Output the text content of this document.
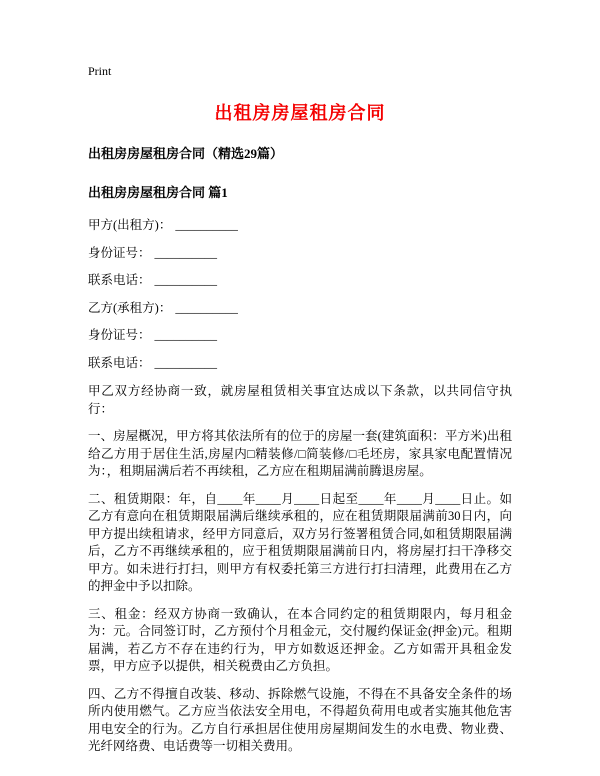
Print
出租房房屋租房合同
出租房房屋租房合同（精选29篇）
出租房房屋租房合同 篇1
甲方(出租方)： __________
身份证号： __________
联系电话： __________
乙方(承租方)： __________
身份证号： __________
联系电话： __________

甲乙双方经协商一致，就房屋租赁相关事宜达成以下条款，以共同信守执行：

一、房屋概况，甲方将其依法所有的位于的房屋一套(建筑面积：平方米)出租给乙方用于居住生活,房屋内□精装修/□简装修/□毛坯房，家具家电配置情况为：，租期届满后若不再续租，乙方应在租期届满前腾退房屋。

二、租赁期限：年，自____年____月____日起至____年____月____日止。如乙方有意向在租赁期限届满后继续承租的，应在租赁期限届满前30日内，向甲方提出续租请求，经甲方同意后，双方另行签署租赁合同,如租赁期限届满后，乙方不再继续承租的，应于租赁期限届满前日内，将房屋打扫干净移交甲方。如未进行打扫，则甲方有权委托第三方进行打扫清理，此费用在乙方的押金中予以扣除。

三、租金：经双方协商一致确认，在本合同约定的租赁期限内，每月租金为：元。合同签订时，乙方预付个月租金元，交付履约保证金(押金)元。租期届满，若乙方不存在违约行为，甲方如数返还押金。乙方如需开具租金发票，甲方应予以提供，相关税费由乙方负担。

四、乙方不得擅自改装、移动、拆除燃气设施，不得在不具备安全条件的场所内使用燃气。乙方应当依法安全用电，不得超负荷用电或者实施其他危害用电安全的行为。乙方自行承担居住使用房屋期间发生的水电费、物业费、光纤网络费、电话费等一切相关费用。
